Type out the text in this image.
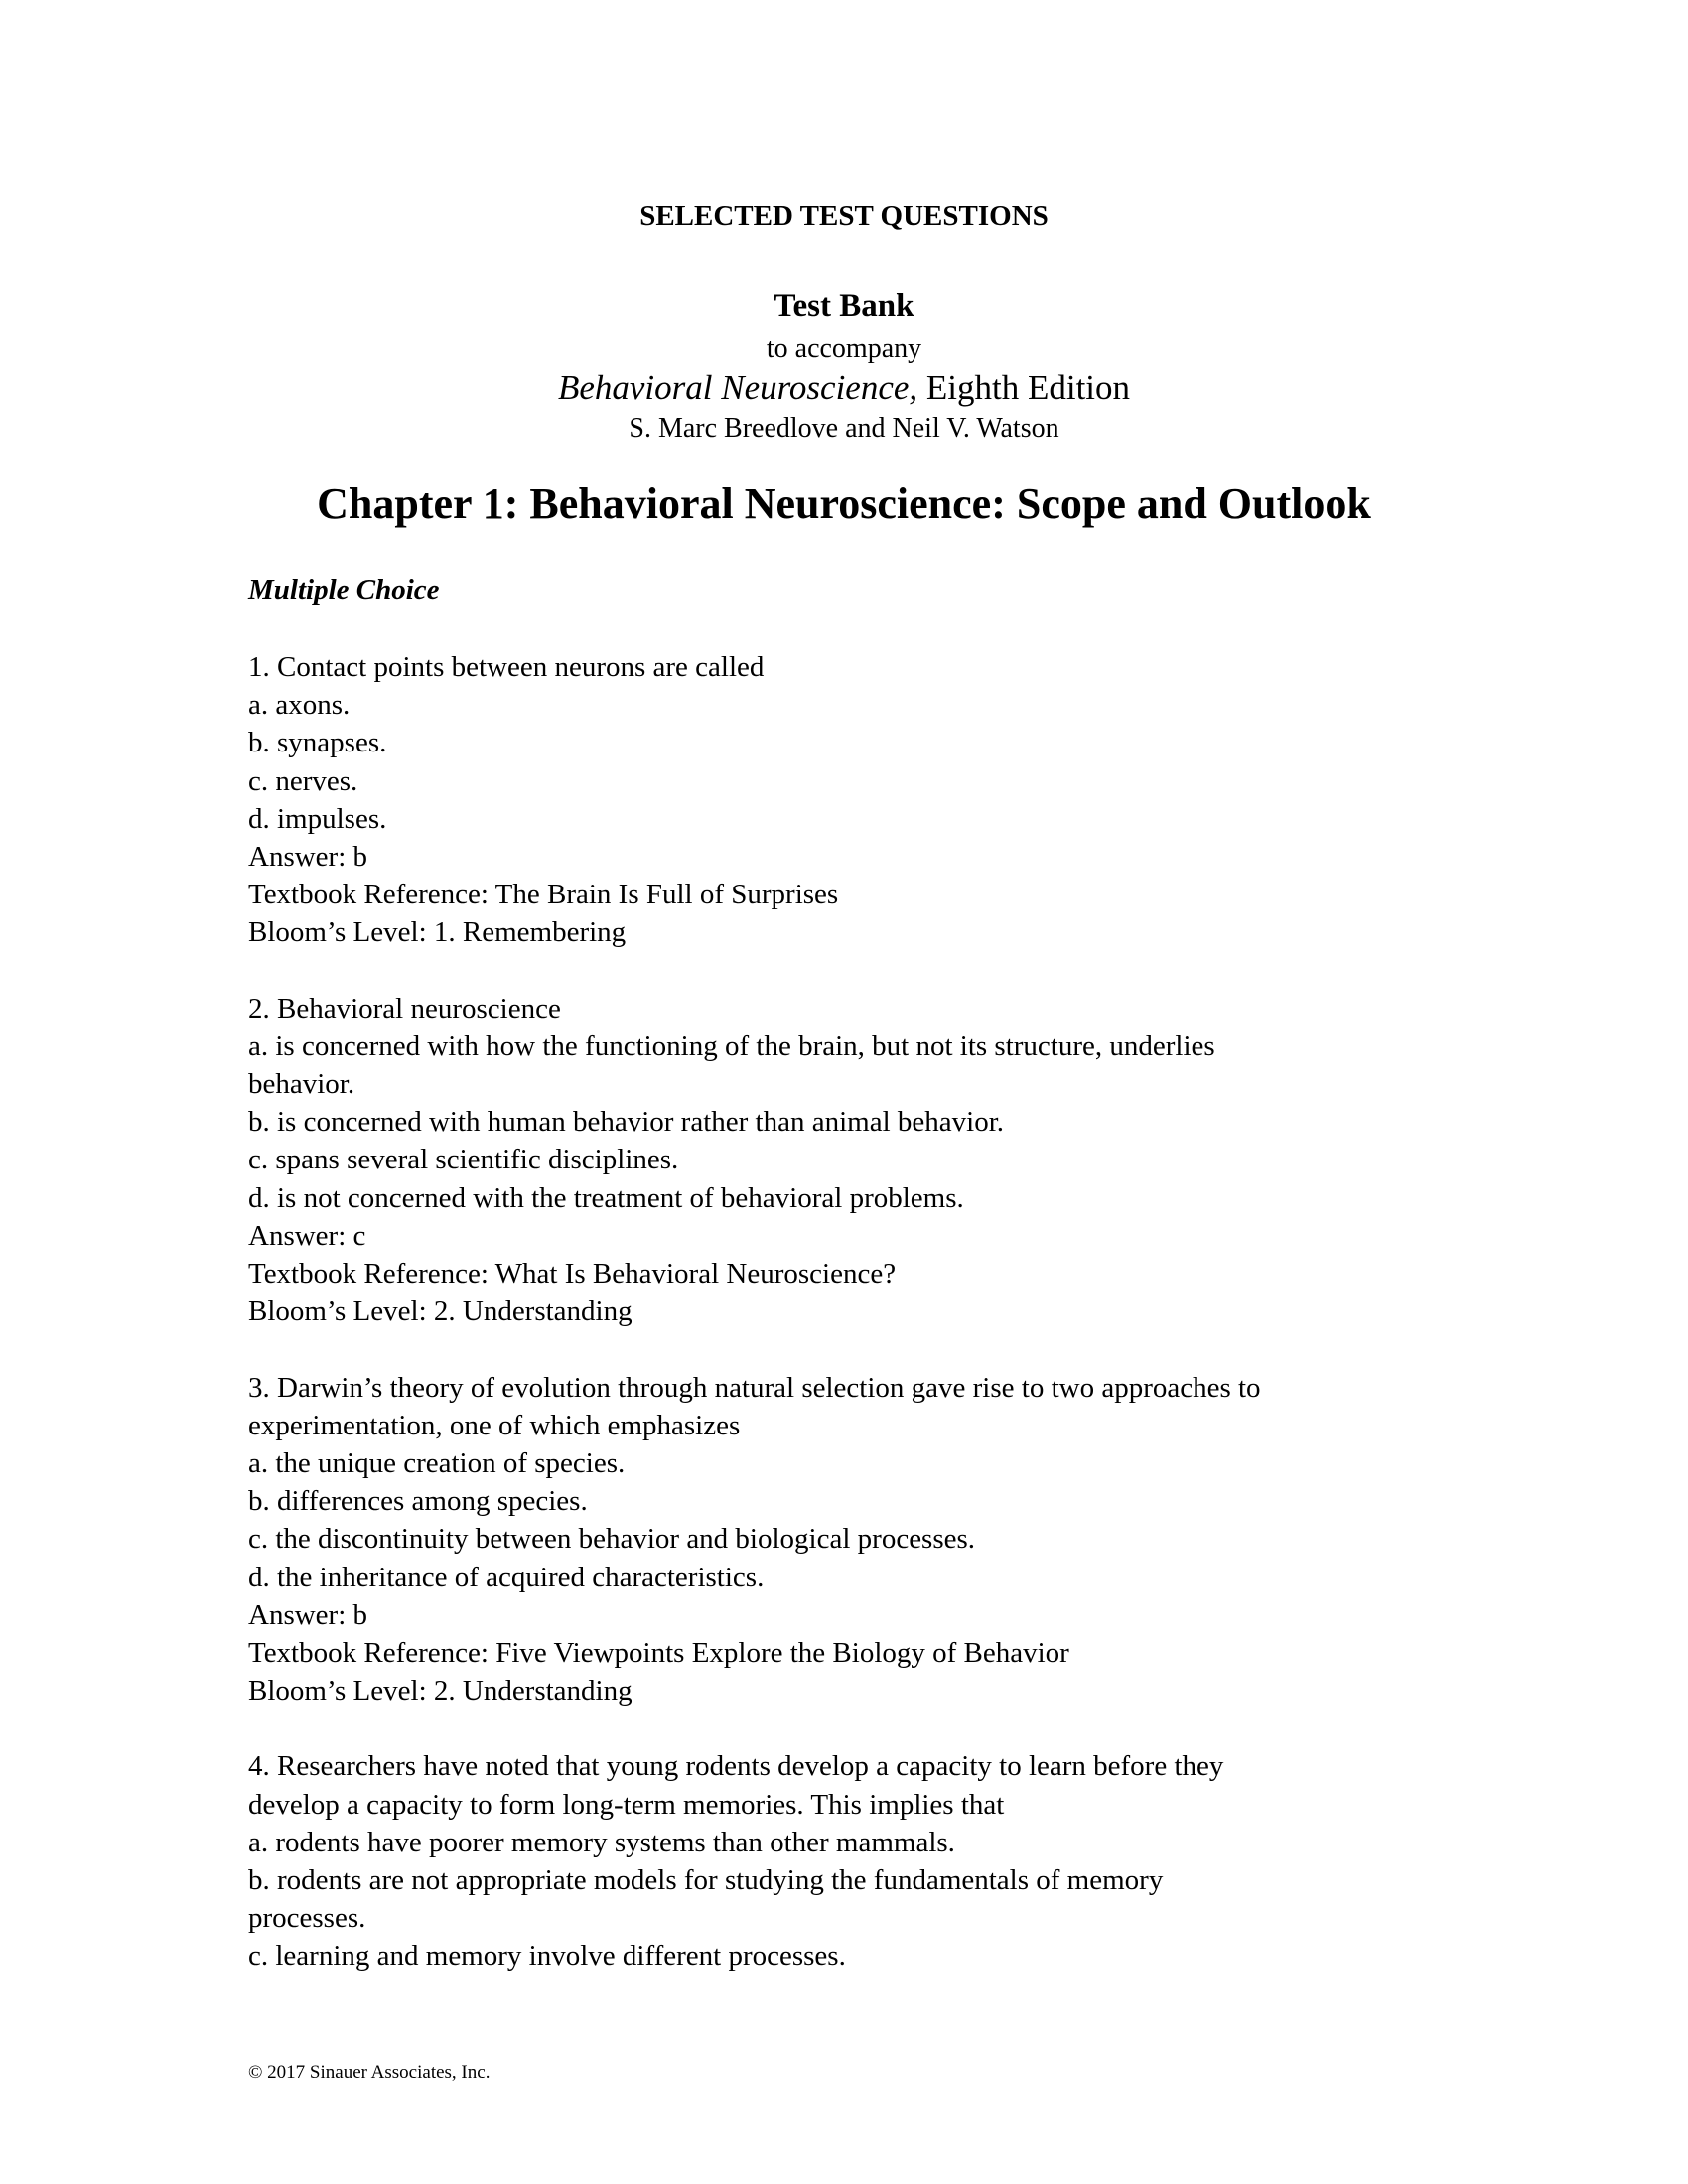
SELECTED TEST QUESTIONS
Test Bank
to accompany
Behavioral Neuroscience, Eighth Edition
S. Marc Breedlove and Neil V. Watson
Chapter 1: Behavioral Neuroscience: Scope and Outlook
Multiple Choice
1. Contact points between neurons are called
a. axons.
b. synapses.
c. nerves.
d. impulses.
Answer: b
Textbook Reference: The Brain Is Full of Surprises
Bloom’s Level: 1. Remembering
2. Behavioral neuroscience
a. is concerned with how the functioning of the brain, but not its structure, underlies
behavior.
b. is concerned with human behavior rather than animal behavior.
c. spans several scientific disciplines.
d. is not concerned with the treatment of behavioral problems.
Answer: c
Textbook Reference: What Is Behavioral Neuroscience?
Bloom’s Level: 2. Understanding
3. Darwin’s theory of evolution through natural selection gave rise to two approaches to
experimentation, one of which emphasizes
a. the unique creation of species.
b. differences among species.
c. the discontinuity between behavior and biological processes.
d. the inheritance of acquired characteristics.
Answer: b
Textbook Reference: Five Viewpoints Explore the Biology of Behavior
Bloom’s Level: 2. Understanding
4. Researchers have noted that young rodents develop a capacity to learn before they
develop a capacity to form long-term memories. This implies that
a. rodents have poorer memory systems than other mammals.
b. rodents are not appropriate models for studying the fundamentals of memory
processes.
c. learning and memory involve different processes.
© 2017 Sinauer Associates, Inc.
